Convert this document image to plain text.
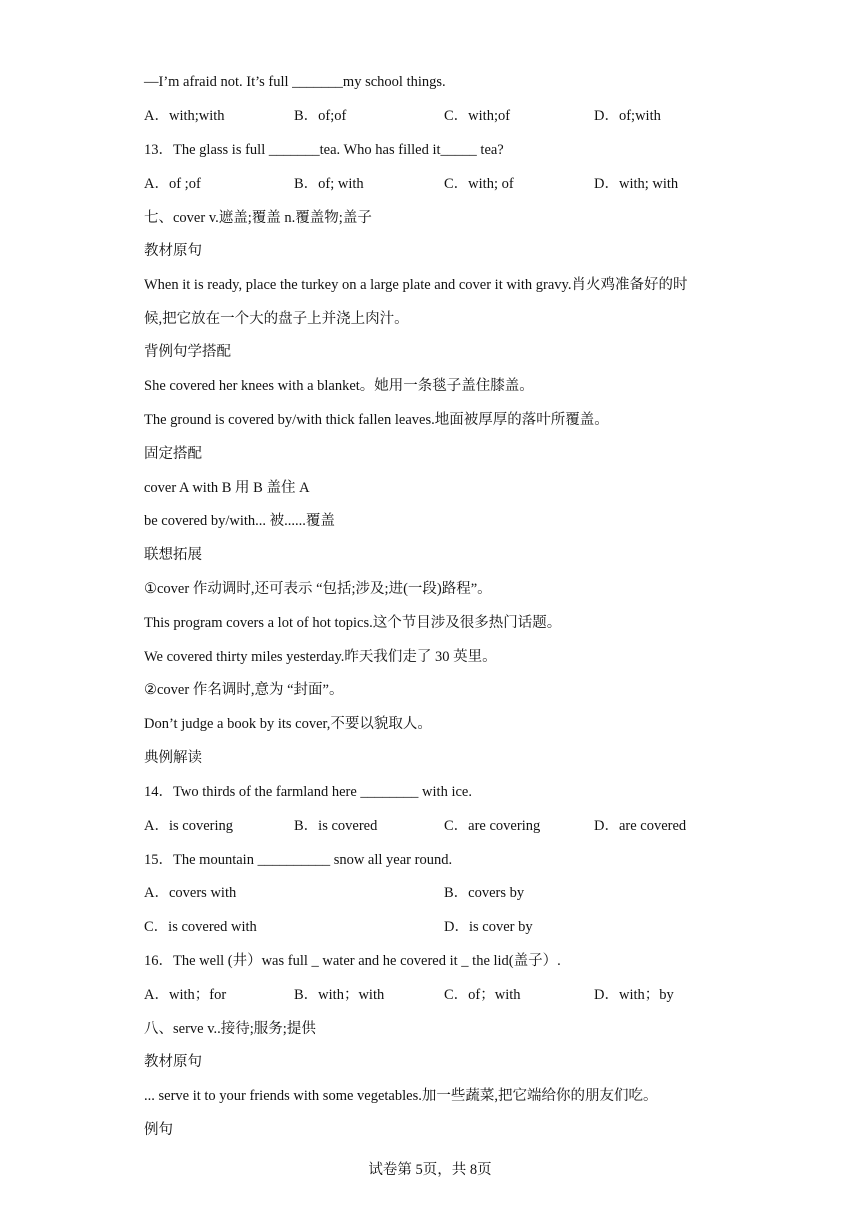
—I’m afraid not. It’s full _______my school things.
A．with;with	B．of;of	C．with;of	D．of;with
13．The glass is full _______tea. Who has filled it_____ tea?
A．of ;of	B．of; with	C．with; of	D．with; with
七、cover v.遮盖;覆盖 n.覆盖物;盖子
教材原句
When it is ready, place the turkey on a large plate and cover it with gravy.肖火鸡准备好的时
候,把它放在一个大的盘子上并浇上肉汁。
背例句学搭配
She covered her knees with a blanket。她用一条毯子盖住膝盖。
The ground is covered by/with thick fallen leaves.地面被厚厚的落叶所覆盖。
固定搭配
cover A with B 用 B 盖住 A
be covered by/with... 被......覆盖
联想拓展
①cover 作动调时,还可表示 “包括;涉及;进(一段)路程”。
This program covers a lot of hot topics.这个节目涉及很多热门话题。
We covered thirty miles yesterday.昨天我们走了 30 英里。
②cover 作名调时,意为 “封面”。
Don’t judge a book by its cover,不要以貌取人。
典例解读
14．Two thirds of the farmland here ________ with ice.
A．is covering	B．is covered	C．are covering	D．are covered
15．The mountain __________ snow all year round.
A．covers with	B．covers by
C．is covered with	D．is cover by
16．The well (井）was full _ water and he covered it _ the lid(盖子）.
A．with；for	B．with；with	C．of；with	D．with；by
八、serve v..接待;服务;提供
教材原句
... serve it to your friends with some vegetables.加一些蔬菜,把它端给你的朋友们吃。
例句
试卷第 5页，共 8页
